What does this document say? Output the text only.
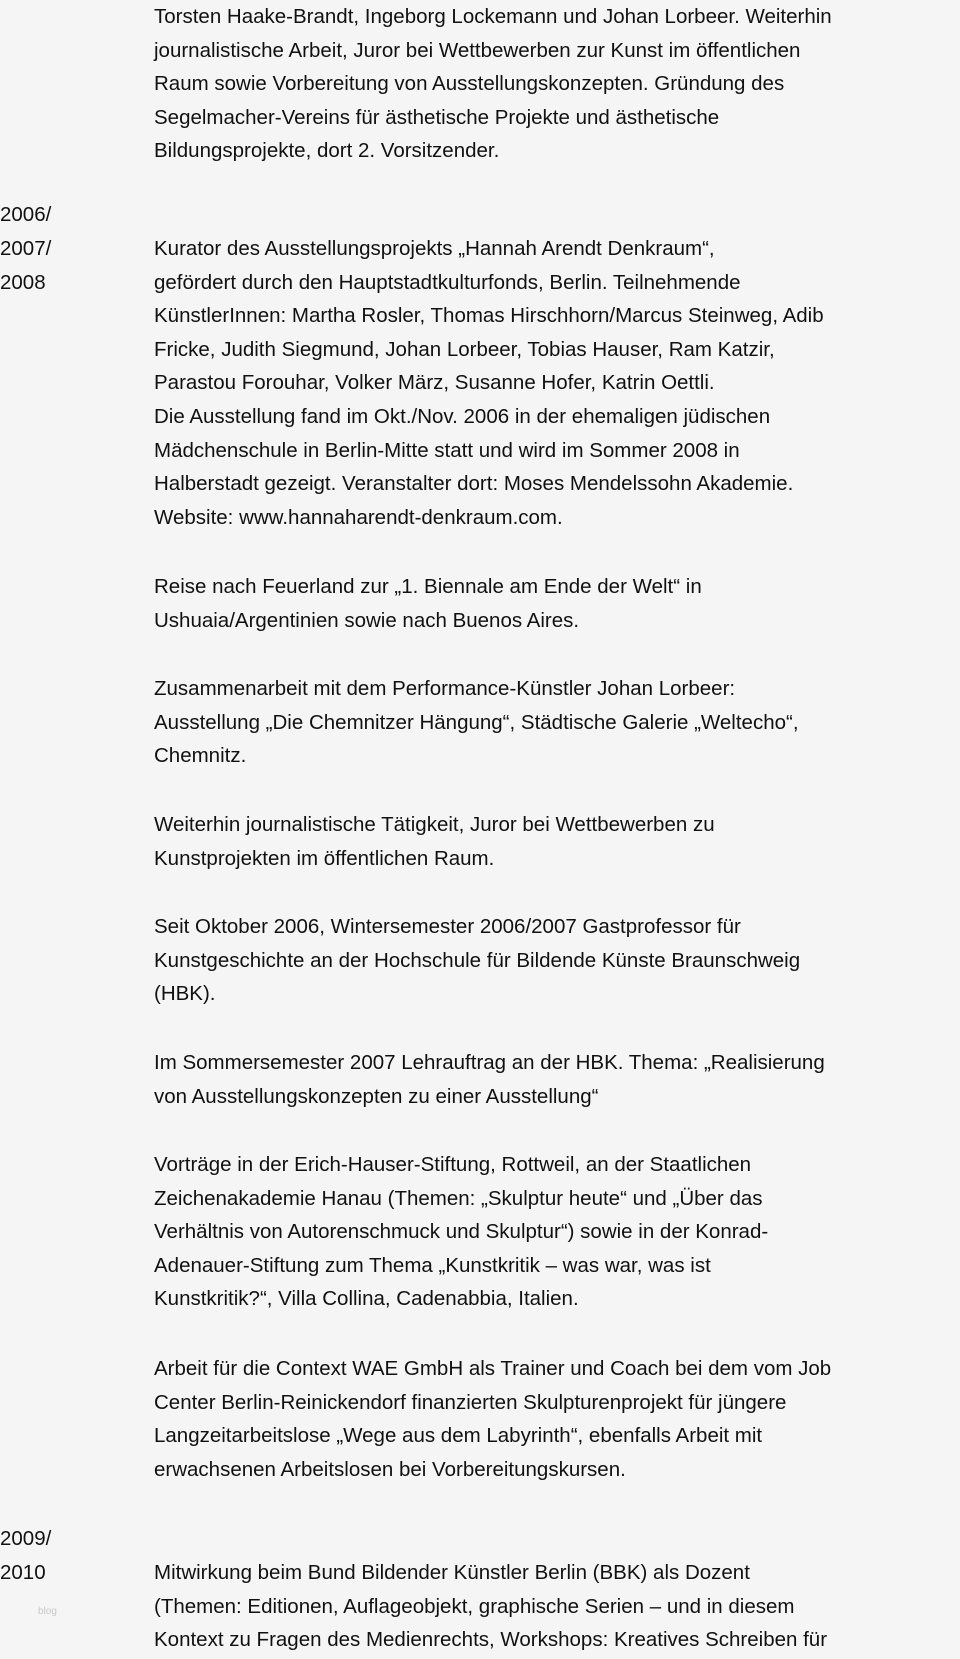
2006/
2007/
2008
2009/
2010
Torsten Haake-Brandt, Ingeborg Lockemann und Johan Lorbeer. Weiterhin
journalistische Arbeit, Juror bei Wettbewerben zur Kunst im öffentlichen
Raum sowie Vorbereitung von Ausstellungskonzepten. Gründung des
Segelmacher-Vereins für ästhetische Projekte und ästhetische
Bildungsprojekte, dort 2. Vorsitzender.
Kurator des Ausstellungsprojekts „Hannah Arendt Denkraum“,
gefördert durch den Hauptstadtkulturfonds, Berlin. Teilnehmende
KünstlerInnen: Martha Rosler, Thomas Hirschhorn/Marcus Steinweg, Adib
Fricke, Judith Siegmund, Johan Lorbeer, Tobias Hauser, Ram Katzir,
Parastou Forouhar, Volker März, Susanne Hofer, Katrin Oettli.
Die Ausstellung fand im Okt./Nov. 2006 in der ehemaligen jüdischen
Mädchenschule in Berlin-Mitte statt und wird im Sommer 2008 in
Halberstadt gezeigt. Veranstalter dort: Moses Mendelssohn Akademie.
Website: www.hannaharendt-denkraum.com.
Reise nach Feuerland zur „1. Biennale am Ende der Welt“ in
Ushuaia/Argentinien sowie nach Buenos Aires.
Zusammenarbeit mit dem Performance-Künstler Johan Lorbeer:
Ausstellung „Die Chemnitzer Hängung“, Städtische Galerie „Weltecho“,
Chemnitz.
Weiterhin journalistische Tätigkeit, Juror bei Wettbewerben zu
Kunstprojekten im öffentlichen Raum.
Seit Oktober 2006, Wintersemester 2006/2007 Gastprofessor für
Kunstgeschichte an der Hochschule für Bildende Künste Braunschweig
(HBK).
Im Sommersemester 2007 Lehrauftrag an der HBK. Thema: „Realisierung
von Ausstellungskonzepten zu einer Ausstellung“
Vorträge in der Erich-Hauser-Stiftung, Rottweil, an der Staatlichen
Zeichenakademie Hanau (Themen: „Skulptur heute“ und „Über das
Verhältnis von Autorenschmuck und Skulptur“) sowie in der Konrad-
Adenauer-Stiftung zum Thema „Kunstkritik – was war, was ist
Kunstkritik?“, Villa Collina, Cadenabbia, Italien.
Arbeit für die Context WAE GmbH als Trainer und Coach bei dem vom Job
Center Berlin-Reinickendorf finanzierten Skulpturenprojekt für jüngere
Langzeitarbeitslose „Wege aus dem Labyrinth“, ebenfalls Arbeit mit
erwachsenen Arbeitslosen bei Vorbereitungskursen.
Mitwirkung beim Bund Bildender Künstler Berlin (BBK) als Dozent
(Themen: Editionen, Auflageobjekt, graphische Serien – und in diesem
Kontext zu Fragen des Medienrechts, Workshops: Kreatives Schreiben für
blog
